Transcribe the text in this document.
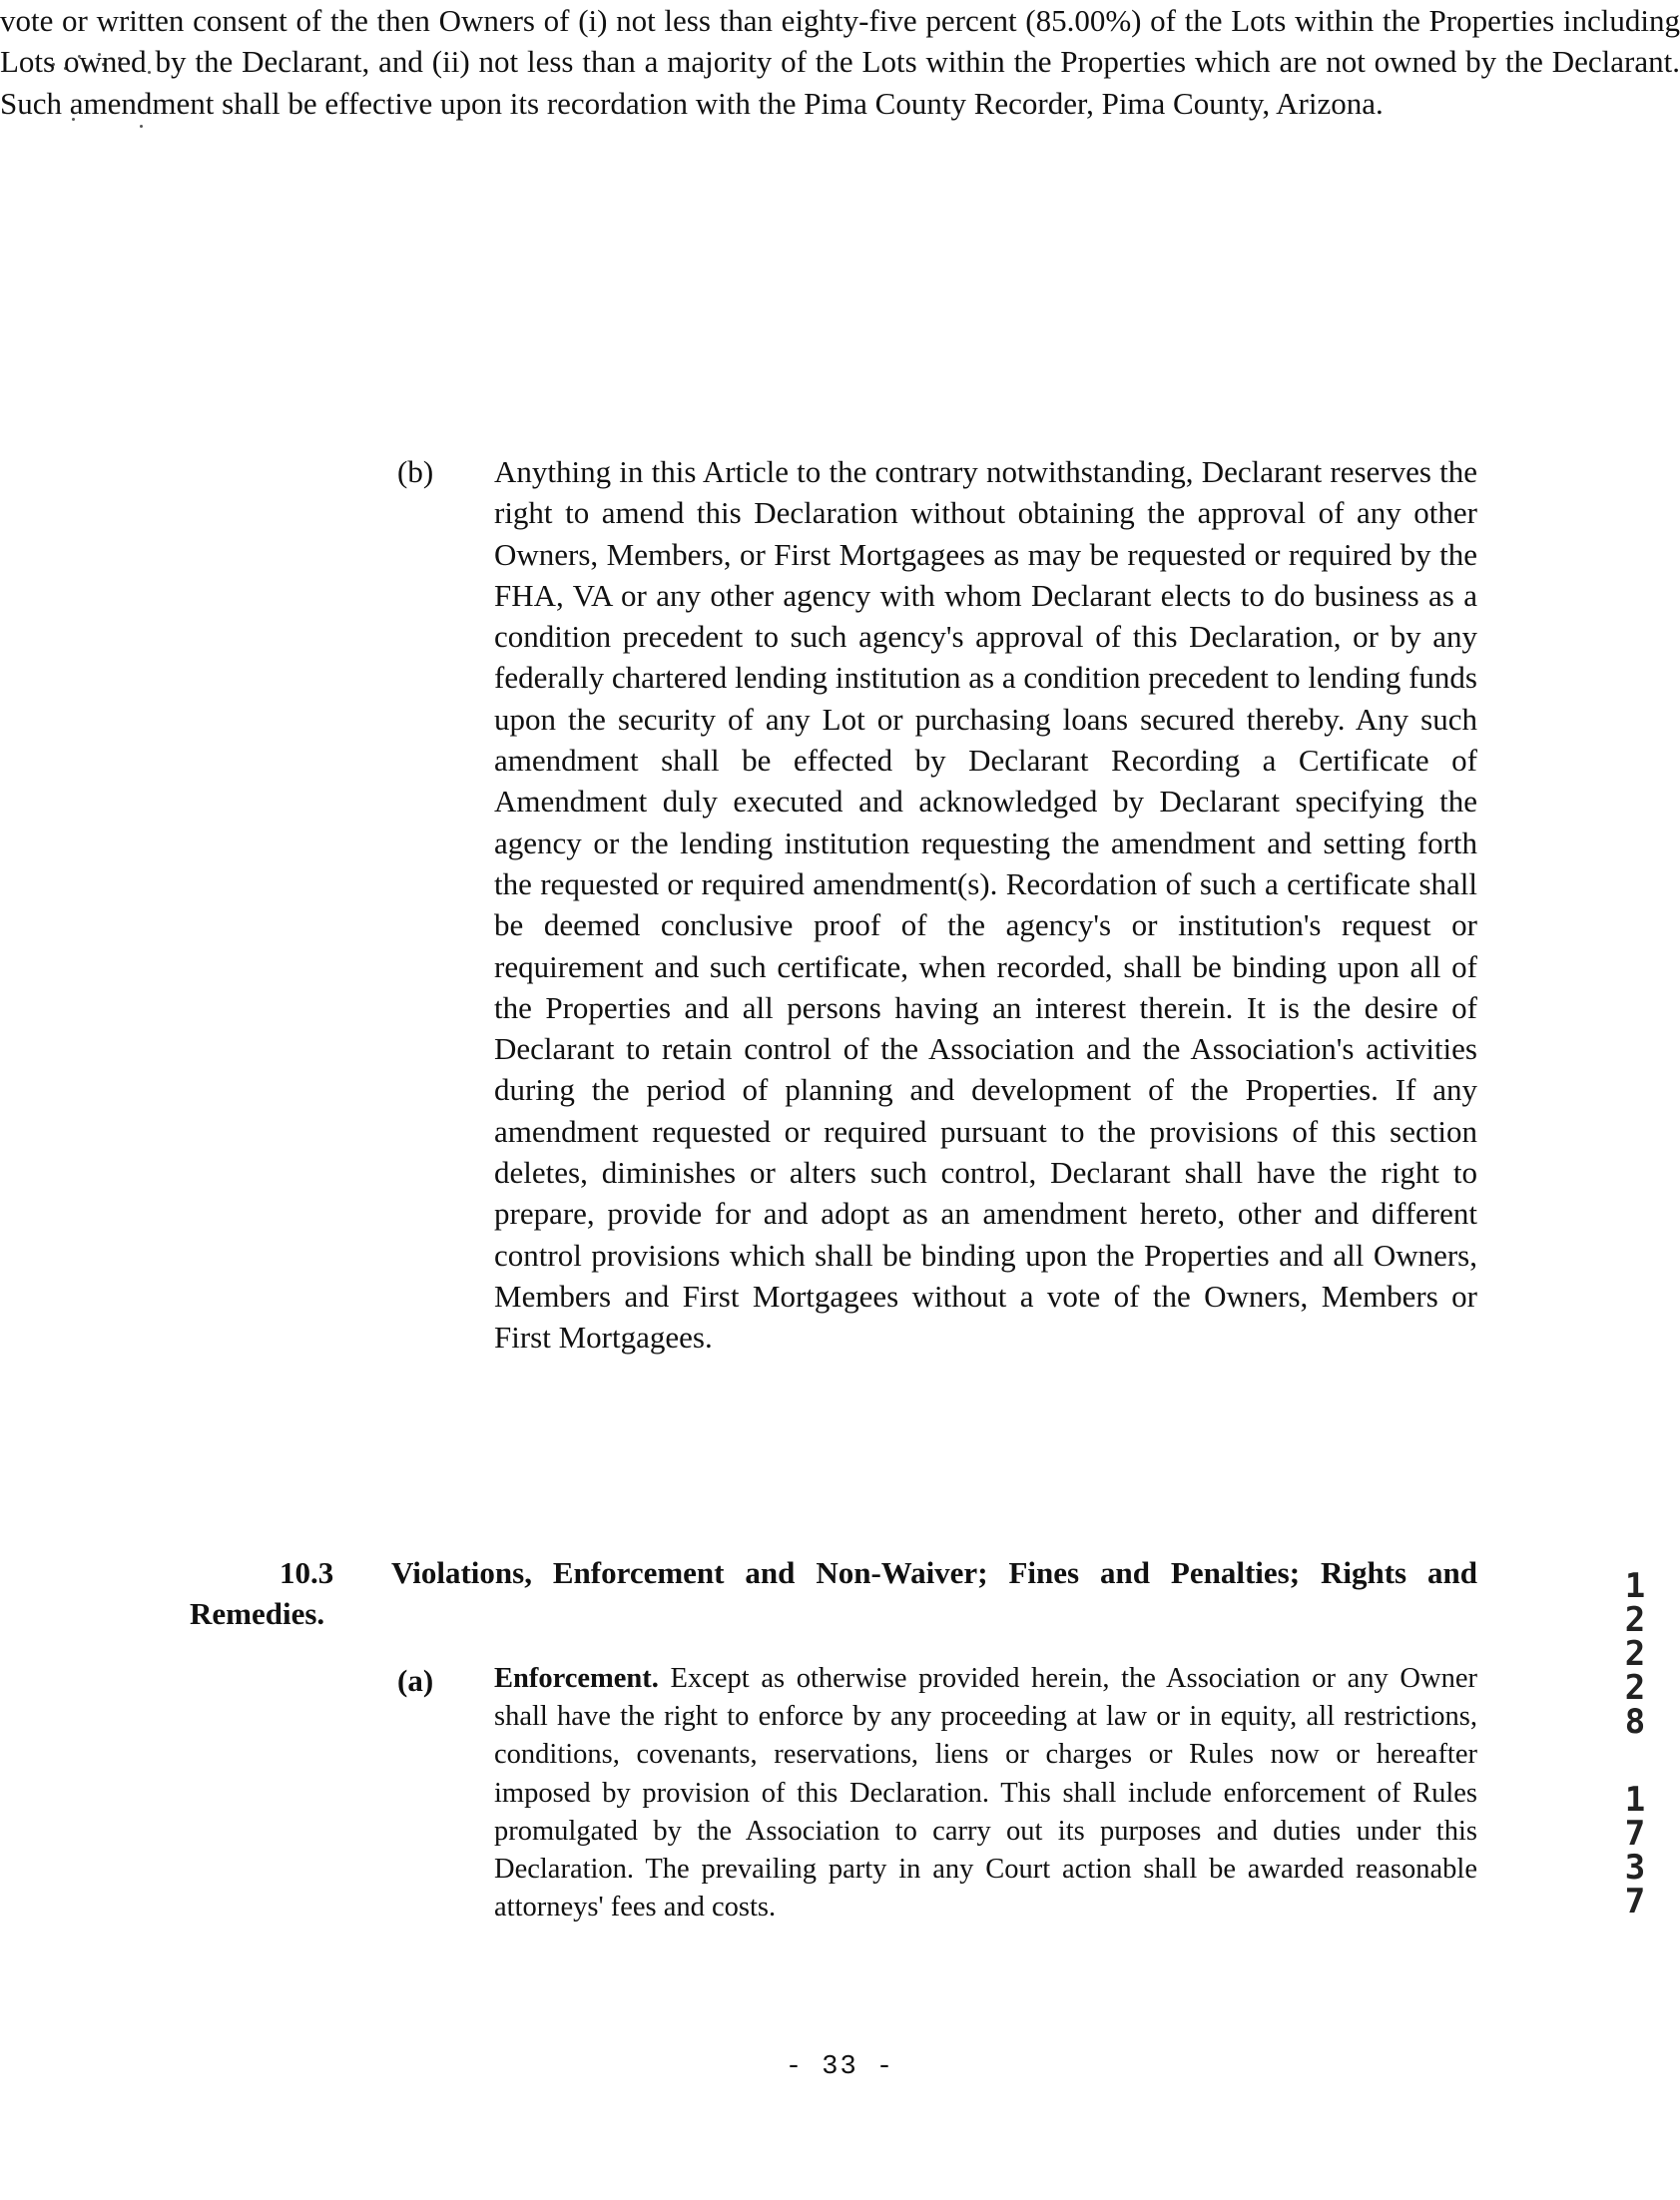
vote or written consent of the then Owners of (i) not less than eighty-five percent (85.00%) of the Lots within the Properties including Lots owned by the Declarant, and (ii) not less than a majority of the Lots within the Properties which are not owned by the Declarant. Such amendment shall be effective upon its recordation with the Pima County Recorder, Pima County, Arizona.

(b) Anything in this Article to the contrary notwithstanding, Declarant reserves the right to amend this Declaration without obtaining the approval of any other Owners, Members, or First Mortgagees as may be requested or required by the FHA, VA or any other agency with whom Declarant elects to do business as a condition precedent to such agency's approval of this Declaration, or by any federally chartered lending institution as a condition precedent to lending funds upon the security of any Lot or purchasing loans secured thereby. Any such amendment shall be effected by Declarant Recording a Certificate of Amendment duly executed and acknowledged by Declarant specifying the agency or the lending institution requesting the amendment and setting forth the requested or required amendment(s). Recordation of such a certificate shall be deemed conclusive proof of the agency's or institution's request or requirement and such certificate, when recorded, shall be binding upon all of the Properties and all persons having an interest therein. It is the desire of Declarant to retain control of the Association and the Association's activities during the period of planning and development of the Properties. If any amendment requested or required pursuant to the provisions of this section deletes, diminishes or alters such control, Declarant shall have the right to prepare, provide for and adopt as an amendment hereto, other and different control provisions which shall be binding upon the Properties and all Owners, Members and First Mortgagees without a vote of the Owners, Members or First Mortgagees.

10.3 Violations, Enforcement and Non-Waiver; Fines and Penalties; Rights and
Remedies.
(a) Enforcement. Except as otherwise provided herein, the Association or any Owner shall have the right to enforce by any proceeding at law or in equity, all restrictions, conditions, covenants, reservations, liens or charges or Rules now or hereafter imposed by provision of this Declaration. This shall include enforcement of Rules promulgated by the Association to carry out its purposes and duties under this Declaration. The prevailing party in any Court action shall be awarded reasonable attorneys' fees and costs.

1
2
2
2
8
1
7
3
7
- 33 -
